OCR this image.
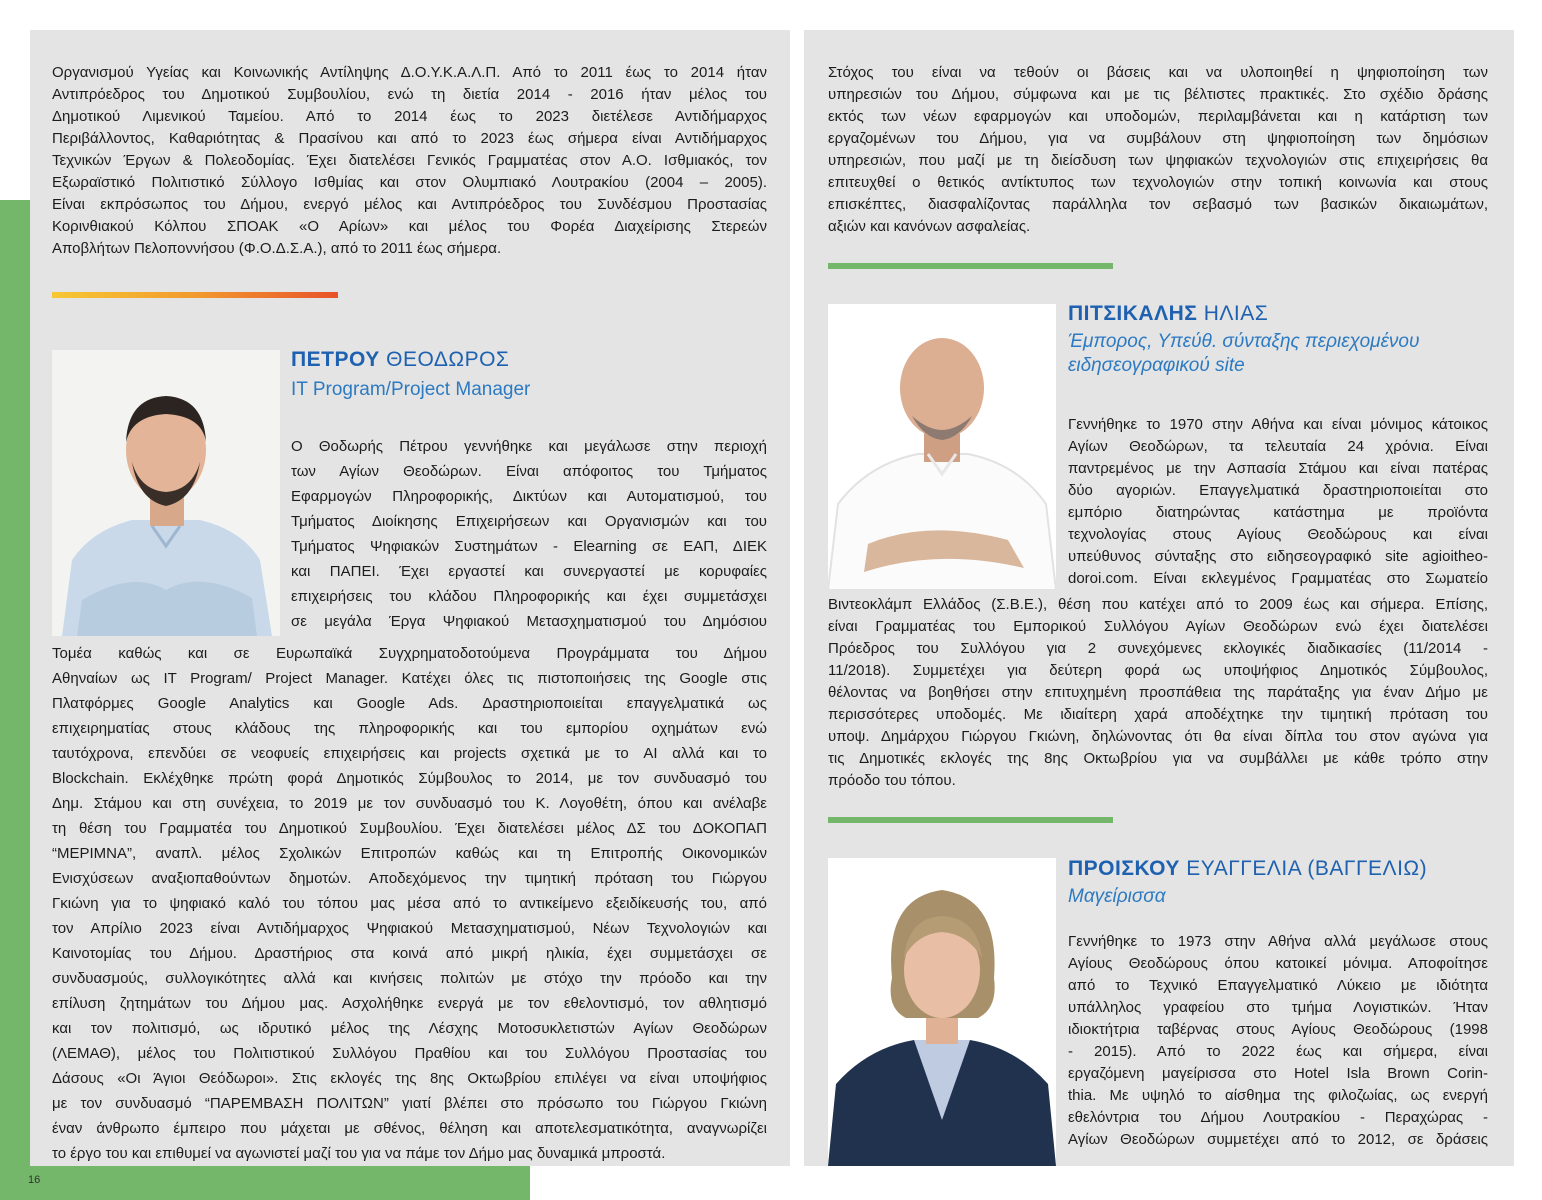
Οργανισμού Υγείας και Κοινωνικής Αντίληψης Δ.Ο.Υ.Κ.Α.Λ.Π. Από το 2011 έως το 2014 ήταν

Αντιπρόεδρος του Δημοτικού Συμβουλίου, ενώ τη διετία 2014 - 2016 ήταν μέλος του

Δημοτικού Λιμενικού Ταμείου. Από το 2014 έως το 2023 διετέλεσε Αντιδήμαρχος

Περιβάλλοντος, Καθαριότητας & Πρασίνου και από το 2023 έως σήμερα είναι Αντιδήμαρχος

Τεχνικών Έργων & Πολεοδομίας. Έχει διατελέσει Γενικός Γραμματέας στον Α.Ο. Ισθμιακός, τον

Εξωραϊστικό Πολιτιστικό Σύλλογο Ισθμίας και στον Ολυμπιακό Λουτρακίου (2004 – 2005).

Είναι εκπρόσωπος του Δήμου, ενεργό μέλος και Αντιπρόεδρος του Συνδέσμου Προστασίας

Κορινθιακού Κόλπου ΣΠΟΑΚ «Ο Αρίων» και μέλος του Φορέα Διαχείρισης Στερεών

Αποβλήτων Πελοποννήσου (Φ.Ο.Δ.Σ.Α.), από το 2011 έως σήμερα.

ΠΕΤΡΟΥ ΘΕΟΔΩΡΟΣ
IT Program/Project Manager

Ο Θοδωρής Πέτρου γεννήθηκε και μεγάλωσε στην περιοχή

των Αγίων Θεοδώρων. Είναι απόφοιτος του Τμήματος

Εφαρμογών Πληροφορικής, Δικτύων και Αυτοματισμού, του

Τμήματος Διοίκησης Επιχειρήσεων και Οργανισμών και του

Τμήματος Ψηφιακών Συστημάτων - Elearning σε ΕΑΠ, ΔΙΕΚ

και ΠΑΠΕΙ. Έχει εργαστεί και συνεργαστεί με κορυφαίες

επιχειρήσεις του κλάδου Πληροφορικής και έχει συμμετάσχει

σε μεγάλα Έργα Ψηφιακού Μετασχηματισμού του Δημόσιου

Τομέα καθώς και σε Ευρωπαϊκά Συγχρηματοδοτούμενα Προγράμματα του Δήμου

Αθηναίων ως IT Program/ Project Manager. Κατέχει όλες τις πιστοποιήσεις της Google στις

Πλατφόρμες Google Analytics και Google Ads. Δραστηριοποιείται επαγγελματικά ως

επιχειρηματίας στους κλάδους της πληροφορικής και του εμπορίου οχημάτων ενώ

ταυτόχρονα, επενδύει σε νεοφυείς επιχειρήσεις και projects σχετικά με το AI αλλά και το

Blockchain. Εκλέχθηκε πρώτη φορά Δημοτικός Σύμβουλος το 2014, με τον συνδυασμό του

Δημ. Στάμου και στη συνέχεια, το 2019 με τον συνδυασμό του Κ. Λογοθέτη, όπου και ανέλαβε

τη θέση του Γραμματέα του Δημοτικού Συμβουλίου. Έχει διατελέσει μέλος ΔΣ του ΔΟΚΟΠΑΠ

“ΜΕΡΙΜΝΑ”, αναπλ. μέλος Σχολικών Επιτροπών καθώς και τη Επιτροπής Οικονομικών

Ενισχύσεων αναξιοπαθούντων δημοτών. Αποδεχόμενος την τιμητική πρόταση του Γιώργου

Γκιώνη για το ψηφιακό καλό του τόπου μας μέσα από το αντικείμενο εξειδίκευσής του, από

τον Απρίλιο 2023 είναι Αντιδήμαρχος Ψηφιακού Μετασχηματισμού, Νέων Τεχνολογιών και

Καινοτομίας του Δήμου. Δραστήριος στα κοινά από μικρή ηλικία, έχει συμμετάσχει σε

συνδυασμούς, συλλογικότητες αλλά και κινήσεις πολιτών με στόχο την πρόοδο και την

επίλυση ζητημάτων του Δήμου μας. Ασχολήθηκε ενεργά με τον εθελοντισμό, τον αθλητισμό

και τον πολιτισμό, ως ιδρυτικό μέλος της Λέσχης Μοτοσυκλετιστών Αγίων Θεοδώρων

(ΛΕΜΑΘ), μέλος του Πολιτιστικού Συλλόγου Πραθίου και του Συλλόγου Προστασίας του

Δάσους «Οι Άγιοι Θεόδωροι». Στις εκλογές της 8ης Οκτωβρίου επιλέγει να είναι υποψήφιος

με τον συνδυασμό “ΠΑΡΕΜΒΑΣΗ ΠΟΛΙΤΩΝ” γιατί βλέπει στο πρόσωπο του Γιώργου Γκιώνη

έναν άνθρωπο έμπειρο που μάχεται με σθένος, θέληση και αποτελεσματικότητα, αναγνωρίζει

το έργο του και επιθυμεί να αγωνιστεί μαζί του για να πάμε τον Δήμο μας δυναμικά μπροστά.

16

Στόχος του είναι να τεθούν οι βάσεις και να υλοποιηθεί η ψηφιοποίηση των

υπηρεσιών του Δήμου, σύμφωνα και με τις βέλτιστες πρακτικές. Στο σχέδιο δράσης

εκτός των νέων εφαρμογών και υποδομών, περιλαμβάνεται και η κατάρτιση των

εργαζομένων του Δήμου, για να συμβάλουν στη ψηφιοποίηση των δημόσιων

υπηρεσιών, που μαζί με τη διείσδυση των ψηφιακών τεχνολογιών στις επιχειρήσεις θα

επιτευχθεί ο θετικός αντίκτυπος των τεχνολογιών στην τοπική κοινωνία και στους

επισκέπτες, διασφαλίζοντας παράλληλα τον σεβασμό των βασικών δικαιωμάτων,

αξιών και κανόνων ασφαλείας.

ΠΙΤΣΙΚΑΛΗΣ ΗΛΙΑΣ
Έμπορος, Υπεύθ. σύνταξης περιεχομένου
ειδησεογραφικού site

Γεννήθηκε το 1970 στην Αθήνα και είναι μόνιμος κάτοικος

Αγίων Θεοδώρων, τα τελευταία 24 χρόνια. Είναι

παντρεμένος με την Ασπασία Στάμου και είναι πατέρας

δύο αγοριών. Επαγγελματικά δραστηριοποιείται στο

εμπόριο διατηρώντας κατάστημα με προϊόντα

τεχνολογίας στους Αγίους Θεοδώρους και είναι

υπεύθυνος σύνταξης στο ειδησεογραφικό site agioitheo-

doroi.com. Είναι εκλεγμένος Γραμματέας στο Σωματείο

Βιντεοκλάμπ Ελλάδος (Σ.Β.Ε.), θέση που κατέχει από το 2009 έως και σήμερα. Επίσης,

είναι Γραμματέας του Εμπορικού Συλλόγου Αγίων Θεοδώρων ενώ έχει διατελέσει

Πρόεδρος του Συλλόγου για 2 συνεχόμενες εκλογικές διαδικασίες (11/2014 -

11/2018). Συμμετέχει για δεύτερη φορά ως υποψήφιος Δημοτικός Σύμβουλος,

θέλοντας να βοηθήσει στην επιτυχημένη προσπάθεια της παράταξης για έναν Δήμο με

περισσότερες υποδομές. Με ιδιαίτερη χαρά αποδέχτηκε την τιμητική πρόταση του

υποψ. Δημάρχου Γιώργου Γκιώνη, δηλώνοντας ότι θα είναι δίπλα του στον αγώνα για

τις Δημοτικές εκλογές της 8ης Οκτωβρίου για να συμβάλλει με κάθε τρόπο στην

πρόοδο του τόπου.

ΠΡΟΙΣΚΟΥ ΕΥΑΓΓΕΛΙΑ (ΒΑΓΓΕΛΙΩ)
Μαγείρισσα

Γεννήθηκε το 1973 στην Αθήνα αλλά μεγάλωσε στους

Αγίους Θεοδώρους όπου κατοικεί μόνιμα. Αποφοίτησε

από το Τεχνικό Επαγγελματικό Λύκειο με ιδιότητα

υπάλληλος γραφείου στο τμήμα Λογιστικών. Ήταν

ιδιοκτήτρια ταβέρνας στους Αγίους Θεοδώρους (1998

- 2015). Από το 2022 έως και σήμερα, είναι

εργαζόμενη μαγείρισσα στο Hotel Isla Brown Corin-

thia. Με υψηλό το αίσθημα της φιλοζωίας, ως ενεργή

εθελόντρια του Δήμου Λουτρακίου - Περαχώρας -

Αγίων Θεοδώρων συμμετέχει από το 2012, σε δράσεις
